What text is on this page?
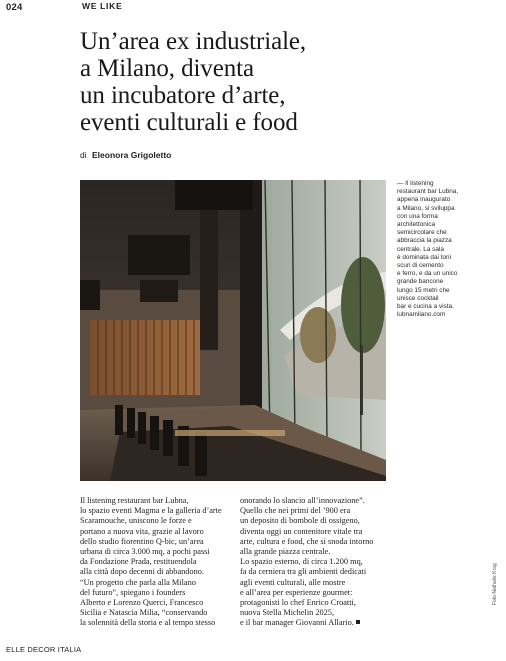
024	WE LIKE
Un’area ex industriale,
a Milano, diventa
un incubatore d’arte,
eventi culturali e food
di Eleonora Grigoletto
— Il listening
restaurant bar Lubna,
appena inaugurato
a Milano, si sviluppa
con una forma
architettonica
semicircolare che
abbraccia la piazza
centrale. La sala
è dominata dai toni
scuri di cemento
e ferro, e da un unico
grande bancone
lungo 15 metri che
unisce cocktail
bar e cucina a vista.
lubnamilano.com
Il listening restaurant bar Lubna,
lo spazio eventi Magma e la galleria d’arte
Scaramouche, uniscono le forze e
portano a nuova vita, grazie al lavoro
dello studio fiorentino Q-bic, un’area
urbana di circa 3.000 mq, a pochi passi
da Fondazione Prada, restituendola
alla città dopo decenni di abbandono.
“Un progetto che parla alla Milano
del futuro”, spiegano i founders
Alberto e Lorenzo Querci, Francesco
Sicilia e Natascia Milia, “conservando
la solennità della storia e al tempo stesso
onorando lo slancio all’innovazione”.
Quello che nei primi del ’900 era
un deposito di bombole di ossigeno,
diventa oggi un contenitore vitale tra
arte, cultura e food, che si snoda intorno
alla grande piazza centrale.
Lo spazio esterno, di circa 1.200 mq,
fa da cerniera tra gli ambienti dedicati
agli eventi culturali, alle mostre
e all’area per esperienze gourmet:
protagonisti lo chef Enrico Croatti,
nuova Stella Michelin 2025,
e il bar manager Giovanni Allario.
ELLE DECOR ITALIA
Foto Nathalie Krag
